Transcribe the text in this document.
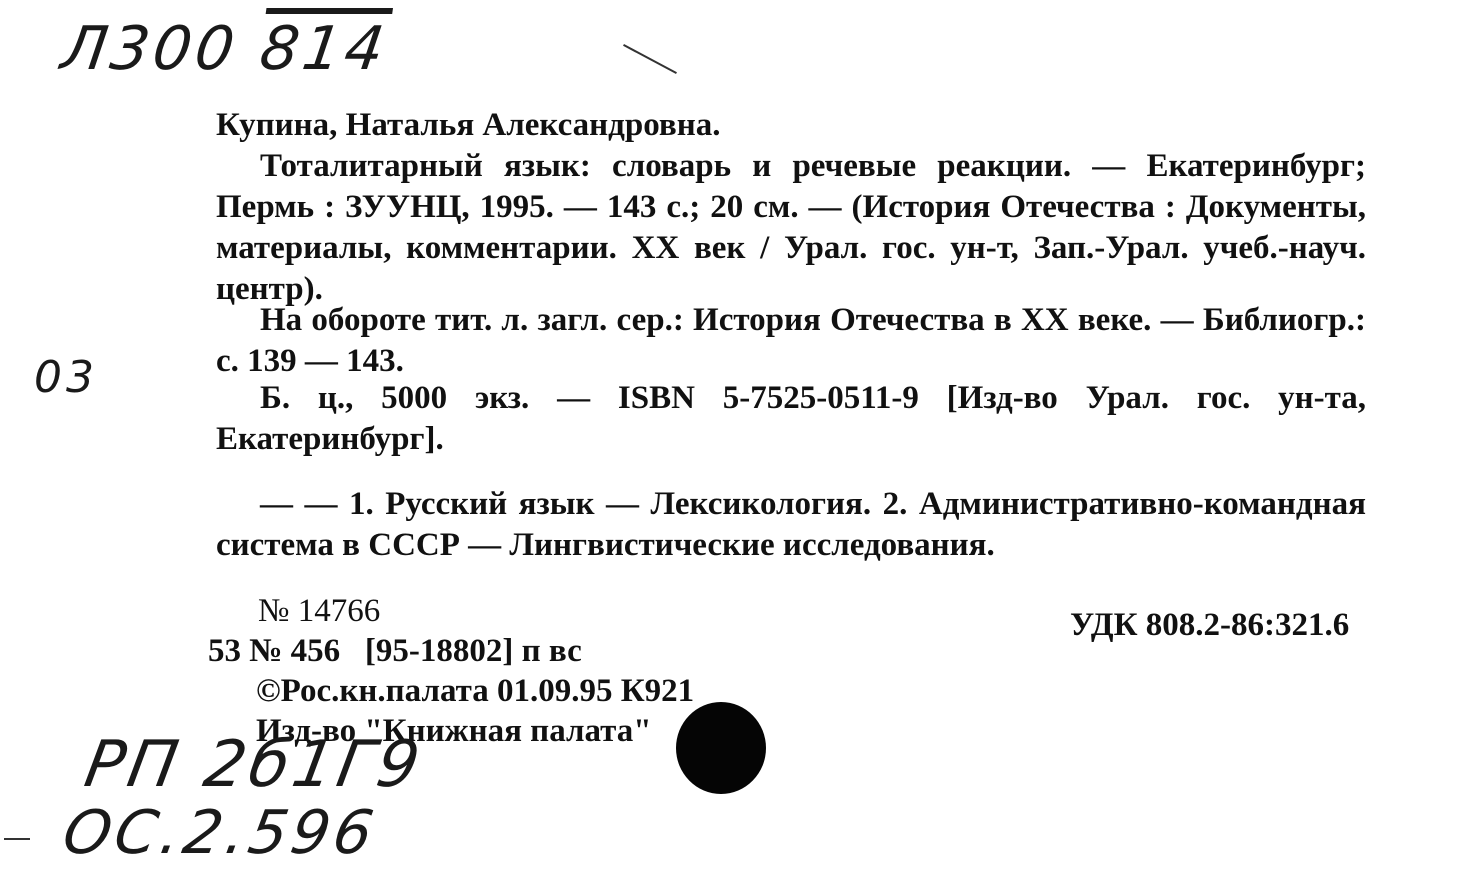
Л300 814
03
Купина, Наталья Александровна.
Тоталитарный язык: словарь и речевые реакции. — Екатеринбург; Пермь : ЗУУНЦ, 1995. — 143 с.; 20 см. — (История Отечества : Документы, материалы, комментарии. XX век / Урал. гос. ун-т, Зап.-Урал. учеб.-науч. центр).
На обороте тит. л. загл. сер.: История Отечества в XX веке. — Библиогр.: с. 139 — 143.
Б. ц., 5000 экз. — ISBN 5-7525-0511-9 [Изд-во Урал. гос. ун-та, Екатеринбург].
— — 1. Русский язык — Лексикология. 2. Административно-командная система в СССР — Лингвистические исследования.
№ 14766
53 № 456   [95-18802] п вс
©Рос.кн.палата 01.09.95 К921
Изд-во "Книжная палата"
УДК 808.2-86:321.6
РП 2б1Г9
ОС.2.596
